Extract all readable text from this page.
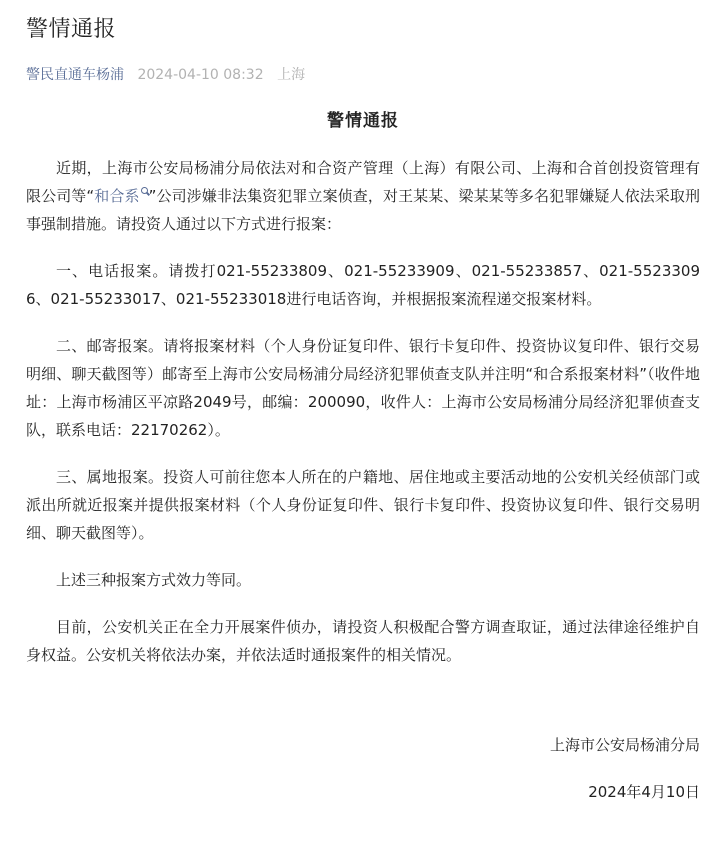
警情通报
警民直通车杨浦 2024-04-10 08:32 上海
警情通报

近期，上海市公安局杨浦分局依法对和合资产管理（上海）有限公司、上海和合首创投资管理有限公司等“和合系 ”公司涉嫌非法集资犯罪立案侦查，对王某某、梁某某等多名犯罪嫌疑人依法采取刑事强制措施。请投资人通过以下方式进行报案：

一、电话报案。请拨打021-55233809、021-55233909、021-55233857、021-55233096、021-55233017、021-55233018进行电话咨询，并根据报案流程递交报案材料。

二、邮寄报案。请将报案材料（个人身份证复印件、银行卡复印件、投资协议复印件、银行交易明细、聊天截图等）邮寄至上海市公安局杨浦分局经济犯罪侦查支队并注明“和合系报案材料”（收件地址：上海市杨浦区平凉路2049号，邮编：200090，收件人：上海市公安局杨浦分局经济犯罪侦查支队，联系电话：22170262）。

三、属地报案。投资人可前往您本人所在的户籍地、居住地或主要活动地的公安机关经侦部门或派出所就近报案并提供报案材料（个人身份证复印件、银行卡复印件、投资协议复印件、银行交易明细、聊天截图等）。

上述三种报案方式效力等同。

目前，公安机关正在全力开展案件侦办，请投资人积极配合警方调查取证，通过法律途径维护自身权益。公安机关将依法办案，并依法适时通报案件的相关情况。

上海市公安局杨浦分局
2024年4月10日
